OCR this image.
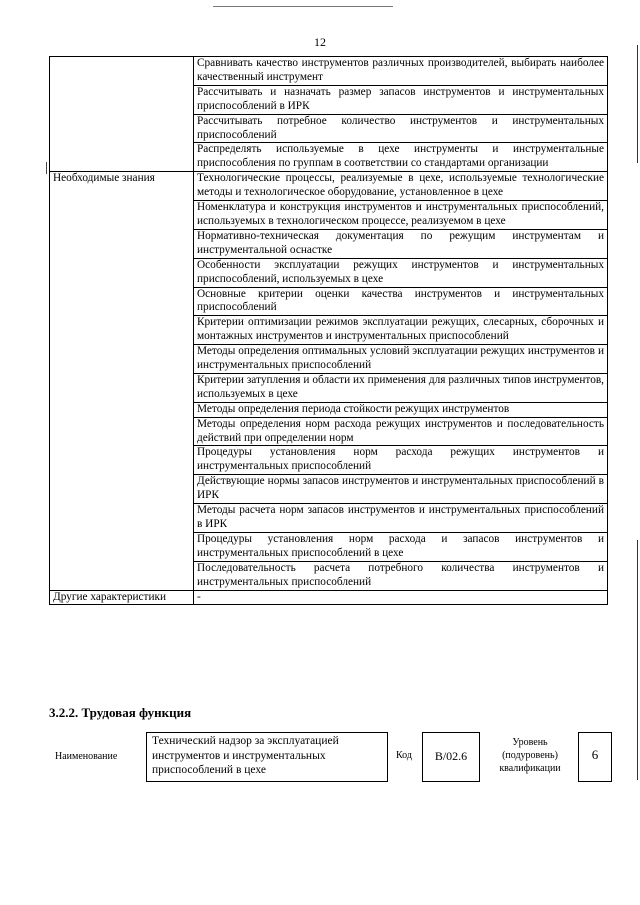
12
	Сравнивать качество инструментов различных производителей, выбирать наиболее качественный инструмент
	Рассчитывать и назначать размер запасов инструментов и инструментальных приспособлений в ИРК
	Рассчитывать потребное количество инструментов и инструментальных приспособлений
	Распределять используемые в цехе инструменты и инструментальные приспособления по группам в соответствии со стандартами организации
Необходимые знания	Технологические процессы, реализуемые в цехе, используемые технологические методы и технологическое оборудование, установленное в цехе
	Номенклатура и конструкция инструментов и инструментальных приспособлений, используемых в технологическом процессе, реализуемом в цехе
	Нормативно-техническая документация по режущим инструментам и инструментальной оснастке
	Особенности эксплуатации режущих инструментов и инструментальных приспособлений, используемых в цехе
	Основные критерии оценки качества инструментов и инструментальных приспособлений
	Критерии оптимизации режимов эксплуатации режущих, слесарных, сборочных и монтажных инструментов и инструментальных приспособлений
	Методы определения оптимальных условий эксплуатации режущих инструментов и инструментальных приспособлений
	Критерии затупления и области их применения для различных типов инструментов, используемых в цехе
	Методы определения периода стойкости режущих инструментов
	Методы определения норм расхода режущих инструментов и последовательность действий при определении норм
	Процедуры установления норм расхода режущих инструментов и инструментальных приспособлений
	Действующие нормы запасов инструментов и инструментальных приспособлений в ИРК
	Методы расчета норм запасов инструментов и инструментальных приспособлений в ИРК
	Процедуры установления норм расхода и запасов инструментов и инструментальных приспособлений в цехе
	Последовательность расчета потребного количества инструментов и инструментальных приспособлений
Другие характеристики	-
3.2.2. Трудовая функция
Наименование
Технический надзор за эксплуатацией инструментов и инструментальных приспособлений в цехе
Код	B/02.6
Уровень (подуровень) квалификации
6
